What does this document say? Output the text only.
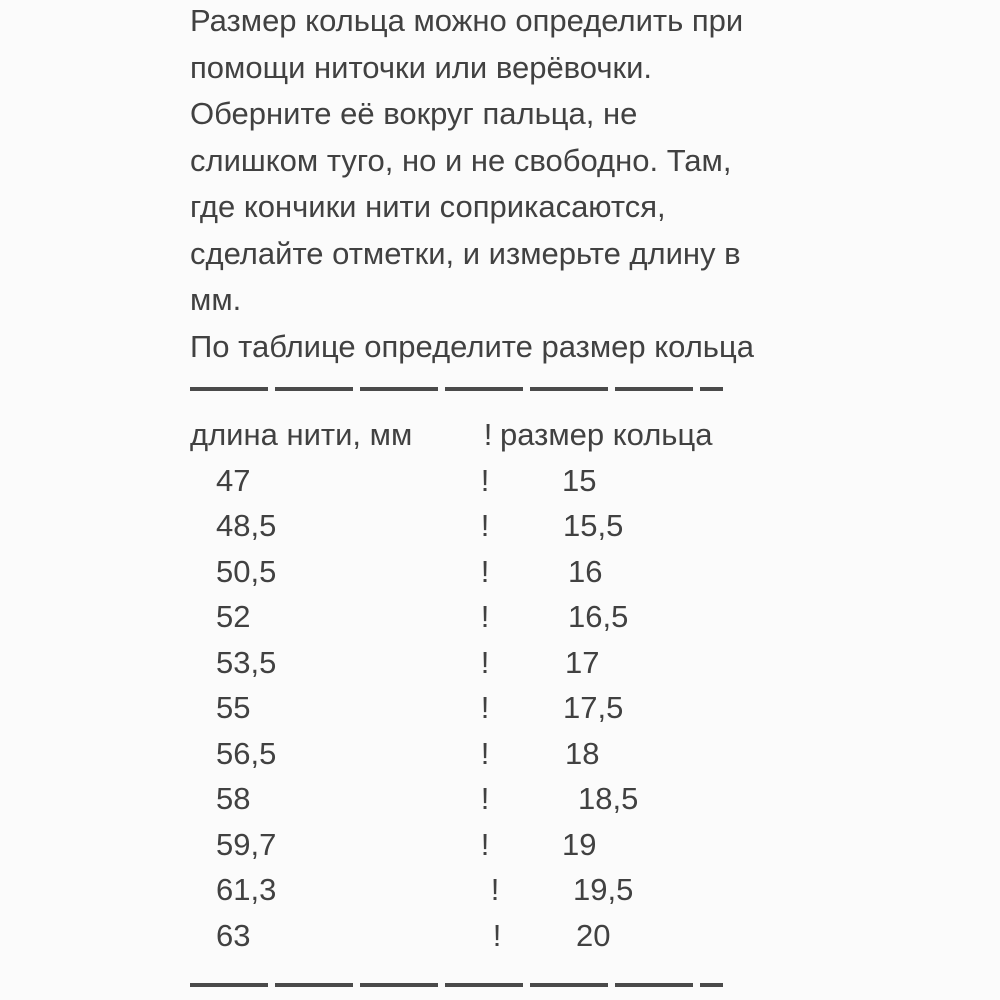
Размер кольца можно определить при
помощи ниточки или верёвочки.
Оберните её вокруг пальца, не
слишком туго, но и не свободно. Там,
где кончики нити соприкасаются,
сделайте отметки, и измерьте длину в
мм.
По таблице определите размер кольца
длина нити, мм	! размер кольца
47	!	15
48,5	!	15,5
50,5	!	16
52	!	16,5
53,5	!	17
55	!	17,5
56,5	!	18
58	!	18,5
59,7	!	19
61,3	!	19,5
63	!	20
